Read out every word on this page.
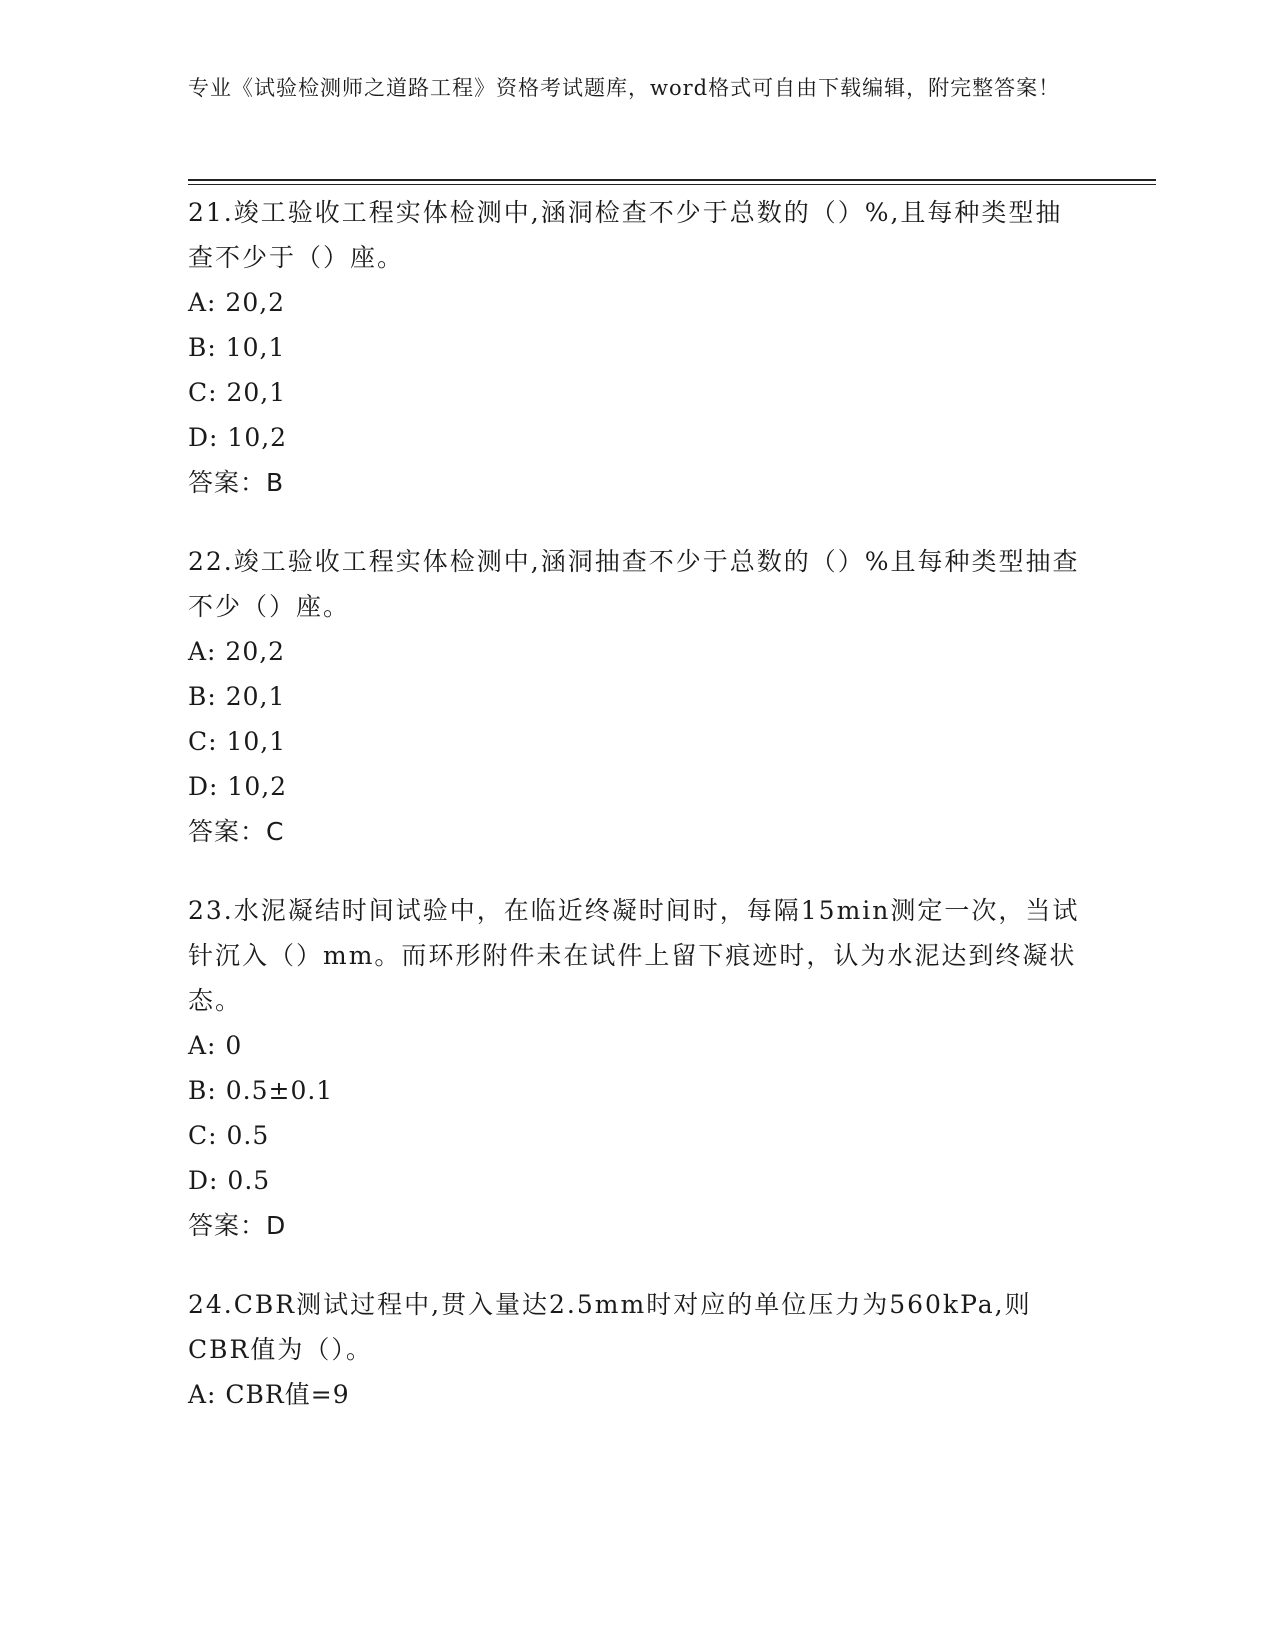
专业《试验检测师之道路工程》资格考试题库，word格式可自由下载编辑，附完整答案！

21.竣工验收工程实体检测中,涵洞检查不少于总数的（）%,且每种类型抽查不少于（）座。

A: 20,2

B: 10,1

C: 20,1

D: 10,2

答案：B

22.竣工验收工程实体检测中,涵洞抽查不少于总数的（）%且每种类型抽查不少（）座。

A: 20,2

B: 20,1

C: 10,1

D: 10,2

答案：C

23.水泥凝结时间试验中，在临近终凝时间时，每隔15min测定一次，当试针沉入（）mm。而环形附件未在试件上留下痕迹时，认为水泥达到终凝状态。

A: 0

B: 0.5±0.1

C: 0.5

D: 0.5

答案：D

24.CBR测试过程中,贯入量达2.5mm时对应的单位压力为560kPa,则CBR值为（）。

A: CBR值=9
